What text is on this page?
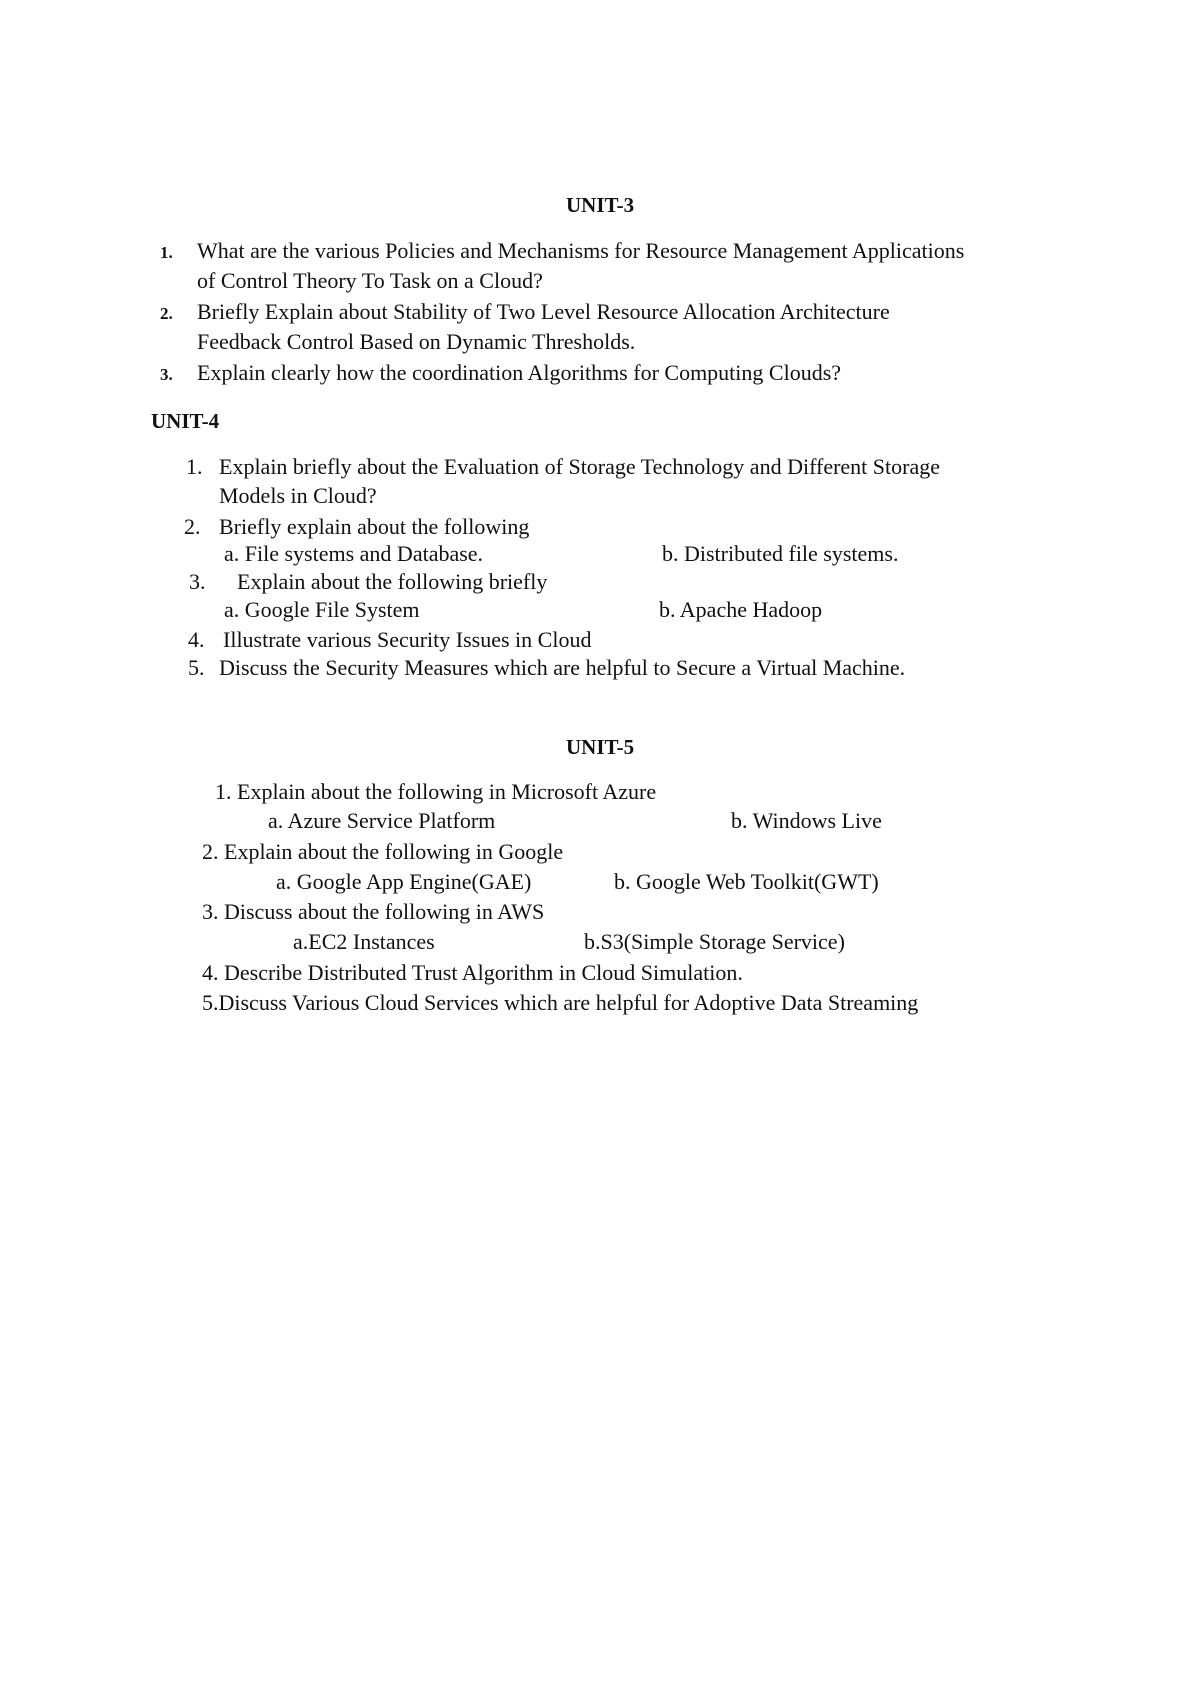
UNIT-3
1. What are the various Policies and Mechanisms for Resource Management Applications
of Control Theory To Task on a Cloud?
2. Briefly Explain about Stability of Two Level Resource Allocation Architecture
Feedback Control Based on Dynamic Thresholds.
3. Explain clearly how the coordination Algorithms for Computing Clouds?
UNIT-4
1. Explain briefly about the Evaluation of Storage Technology and Different Storage
Models in Cloud?
2. Briefly explain about the following
a. File systems and Database.	b. Distributed file systems.
3. Explain about the following briefly
a. Google File System	b. Apache Hadoop
4. Illustrate various Security Issues in Cloud
5. Discuss the Security Measures which are helpful to Secure a Virtual Machine.
UNIT-5
1. Explain about the following in Microsoft Azure
a. Azure Service Platform	b. Windows Live
2. Explain about the following in Google
a. Google App Engine(GAE)	b. Google Web Toolkit(GWT)
3. Discuss about the following in AWS
a.EC2 Instances	b.S3(Simple Storage Service)
4. Describe Distributed Trust Algorithm in Cloud Simulation.
5.Discuss Various Cloud Services which are helpful for Adoptive Data Streaming
